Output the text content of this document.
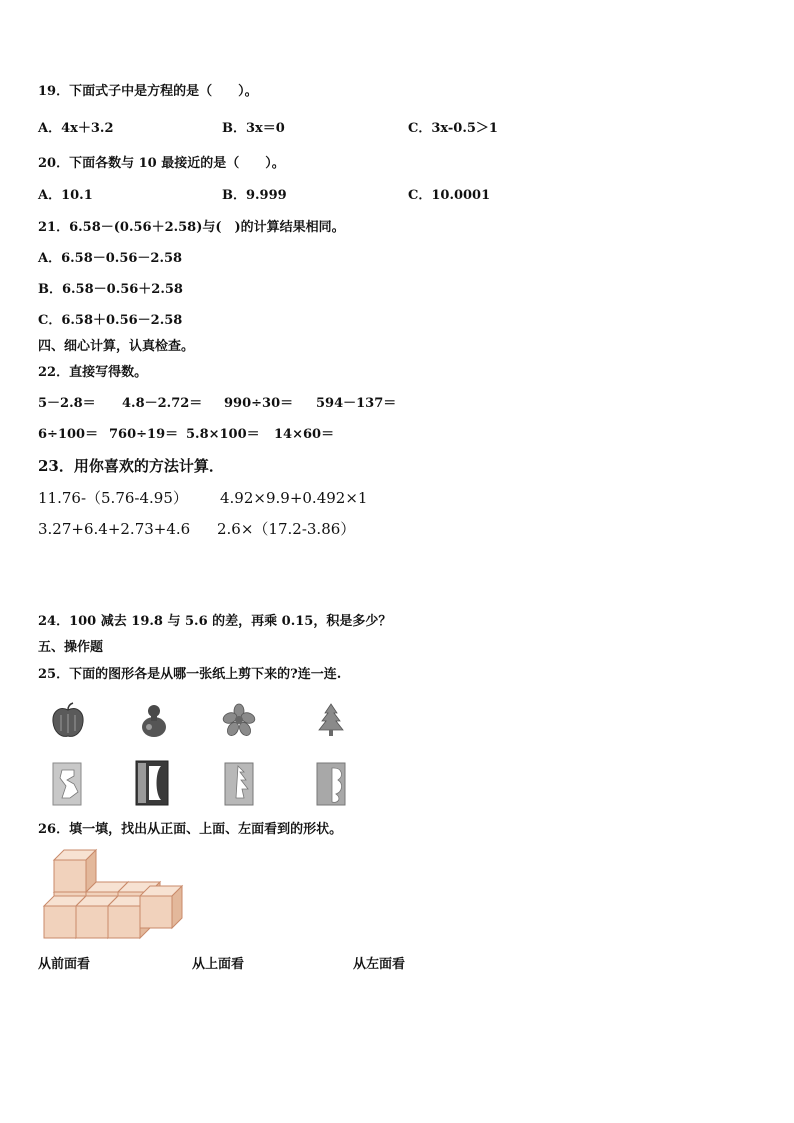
19．下面式子中是方程的是（　　）。
A．4x＋3.2	B．3x＝0	C．3x-0.5＞1
20．下面各数与 10 最接近的是（　　）。
A．10.1	B．9.999	C．10.0001
21．6.58－(0.56＋2.58)与(　)的计算结果相同。
A．6.58－0.56－2.58
B．6.58－0.56＋2.58
C．6.58＋0.56－2.58
四、细心计算，认真检查。
22．直接写得数。
5－2.8＝ 4.8－2.72＝ 990÷30＝ 594－137＝
6÷100＝ 760÷19＝ 5.8×100＝ 14×60＝
23．用你喜欢的方法计算．
11.76-（5.76-4.95） 4.92×9.9+0.492×1
3.27+6.4+2.73+4.6 2.6×（17.2-3.86）
24．100 减去 19.8 与 5.6 的差，再乘 0.15，积是多少？
五、操作题
25．下面的图形各是从哪一张纸上剪下来的?连一连.
26．填一填，找出从正面、上面、左面看到的形状。
从前面看	从上面看	从左面看
